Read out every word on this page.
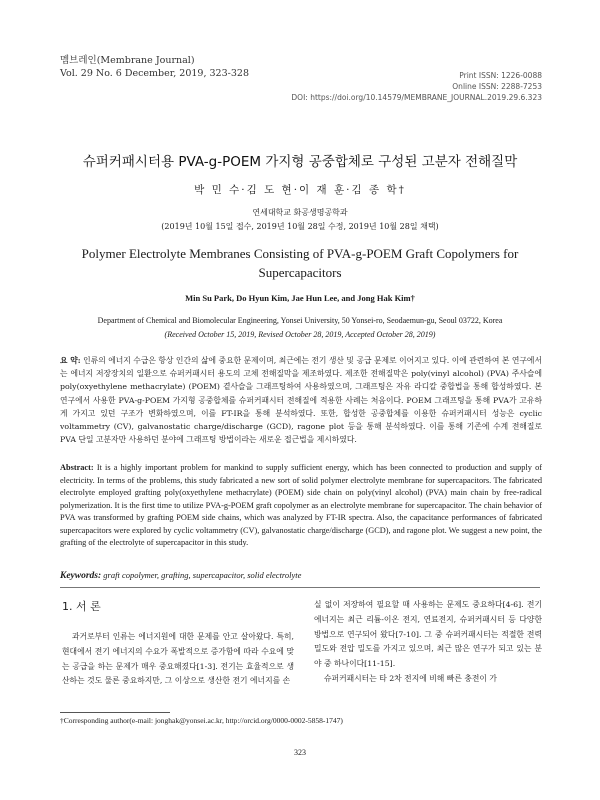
멤브레인(Membrane Journal)
Vol. 29 No. 6 December, 2019, 323-328	Print ISSN: 1226-0088
Online ISSN: 2288-7253
DOI: https://doi.org/10.14579/MEMBRANE_JOURNAL.2019.29.6.323
슈퍼커패시터용 PVA-g-POEM 가지형 공중합체로 구성된 고분자 전해질막
박 민 수·김 도 현·이 재 훈·김 종 학†
연세대학교 화공생명공학과
(2019년 10월 15일 접수, 2019년 10월 28일 수정, 2019년 10월 28일 채택)
Polymer Electrolyte Membranes Consisting of PVA-g-POEM Graft Copolymers for Supercapacitors
Min Su Park, Do Hyun Kim, Jae Hun Lee, and Jong Hak Kim†
Department of Chemical and Biomolecular Engineering, Yonsei University, 50 Yonsei-ro, Seodaemun-gu, Seoul 03722, Korea
(Received October 15, 2019, Revised October 28, 2019, Accepted October 28, 2019)
요 약: 인류의 에너지 수급은 항상 인간의 삶에 중요한 문제이며, 최근에는 전기 생산 및 공급 문제로 이어지고 있다. 이에 관련하여 본 연구에서는 에너지 저장장치의 일환으로 슈퍼커패시터 용도의 고체 전해질막을 제조하였다. 제조한 전해질막은 poly(vinyl alcohol) (PVA) 주사슬에 poly(oxyethylene methacrylate) (POEM) 곁사슬을 그래프팅하여 사용하였으며, 그래프팅은 자유 라디칼 중합법을 통해 합성하였다. 본 연구에서 사용한 PVA-g-POEM 가지형 공중합체를 슈퍼커패시터 전해질에 적용한 사례는 처음이다. POEM 그래프팅을 통해 PVA가 고유하게 가지고 있던 구조가 변화하였으며, 이를 FT-IR을 통해 분석하였다. 또한, 합성한 공중합체를 이용한 슈퍼커패시터 성능은 cyclic voltammetry (CV), galvanostatic charge/discharge (GCD), ragone plot 등을 통해 분석하였다. 이를 통해 기존에 수계 전해질로 PVA 단일 고분자만 사용하던 분야에 그래프팅 방법이라는 새로운 접근법을 제시하였다.
Abstract: It is a highly important problem for mankind to supply sufficient energy, which has been connected to production and supply of electricity. In terms of the problems, this study fabricated a new sort of solid polymer electrolyte membrane for supercapacitors. The fabricated electrolyte employed grafting poly(oxyethylene methacrylate) (POEM) side chain on poly(vinyl alcohol) (PVA) main chain by free-radical polymerization. It is the first time to utilize PVA-g-POEM graft copolymer as an electrolyte membrane for supercapacitor. The chain behavior of PVA was transformed by grafting POEM side chains, which was analyzed by FT-IR spectra. Also, the capacitance performances of fabricated supercapacitors were explored by cyclic voltammetry (CV), galvanostatic charge/discharge (GCD), and ragone plot. We suggest a new point, the grafting of the electrolyte of supercapacitor in this study.
Keywords: graft copolymer, grafting, supercapacitor, solid electrolyte
1. 서 론
과거로부터 인류는 에너지원에 대한 문제를 안고 살아왔다. 특히, 현대에서 전기 에너지의 수요가 폭발적으로 증가함에 따라 수요에 맞는 공급을 하는 문제가 매우 중요해졌다[1-3]. 전기는 효율적으로 생산하는 것도 물론 중요하지만, 그 이상으로 생산한 전기 에너지를 손
실 없이 저장하여 필요할 때 사용하는 문제도 중요하다[4-6]. 전기 에너지는 최근 리튬-이온 전지, 연료전지, 슈퍼커패시터 등 다양한 방법으로 연구되어 왔다[7-10]. 그 중 슈퍼커패시터는 적절한 전력 밀도와 전압 밀도를 가지고 있으며, 최근 많은 연구가 되고 있는 분야 중 하나이다[11-15].
슈퍼커패시터는 타 2차 전지에 비해 빠른 충전이 가
†Corresponding author(e-mail: jonghak@yonsei.ac.kr, http://orcid.org/0000-0002-5858-1747)
323
